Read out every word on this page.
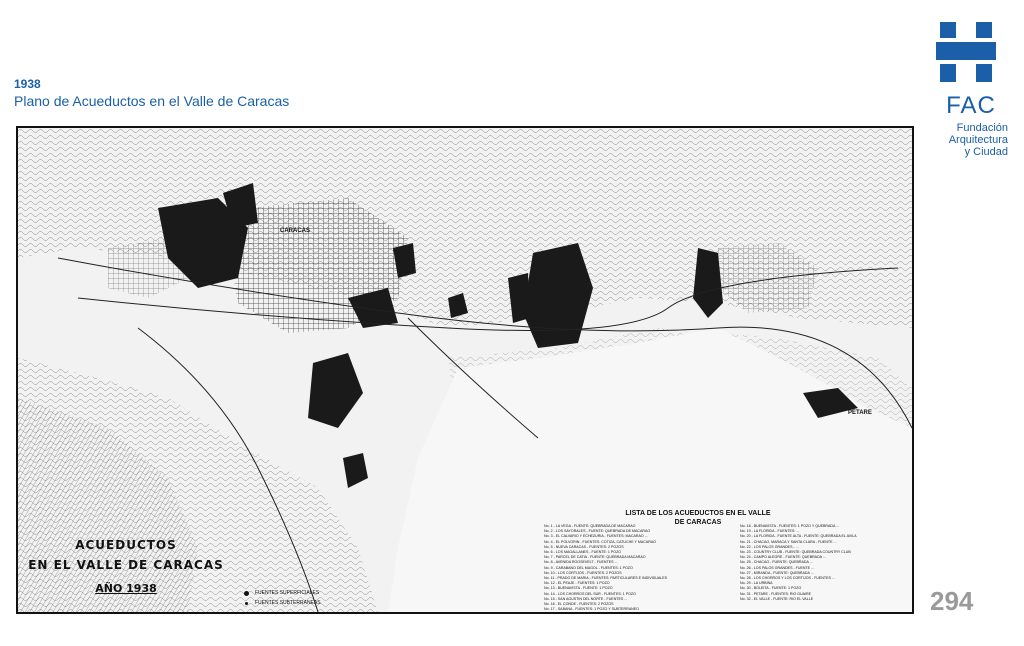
1938
Plano de Acueductos en el Valle de Caracas	FAC
Fundación
Arquitectura
y Ciudad
CARACAS
PETARE
ACUEDUCTOS
EN EL VALLE DE CARACAS
AÑO 1938	FUENTES SUPERFICIALES
FUENTES SUBTERRANEAS
LISTA DE LOS ACUEDUCTOS EN EL VALLE
DE CARACAS
No. 1 - LA VEGA - FUENTE: QUEBRADA DE MACARAO
No. 2 - LOS SAYORALES - FUENTE: QUEBRADA DE MACARAO
No. 3 - EL CALVARIO Y ECHEZURIA - FUENTES: MACARAO ...
No. 4 - EL POLVORIN - FUENTES: COTIZA, CATUCHE Y MACARAO
No. 5 - NUEVA CARACAS - FUENTES: 2 POZOS
No. 6 - LOS MAGALLANES - FUENTE: 1 POZO
No. 7 - PARCEL DE CATIA - FUENTE: QUEBRADA MACARAO
No. 8 - AVENIDA ROOSEVELT - FUENTES ...
No. 9 - CARABANO DEL MAGOL - FUENTES: 1 POZO
No. 10 - LOS CORTIJOS - FUENTES: 2 POZOS
No. 11 - PRADO DE MARIA - FUENTES: PARTICULARES E INDIVIDUALES
No. 12 - EL PEAJE - FUENTES: 1 POZO
No. 13 - BUENAVISTA - FUENTE: 1 POZO
No. 14 - LOS CHORROS DEL SUR - FUENTES: 1 POZO
No. 15 - SAN AGUSTIN DEL NORTE - FUENTES ...
No. 16 - EL CONDE - FUENTES: 2 POZOS
No. 17 - SABANA - FUENTES: 1 POZO Y SUBTERRANEO
No. 18 - BUENAVISTA - FUENTES: 1 POZO Y QUEBRADA ...
No. 19 - LA FLORIDA - FUENTES: ...
No. 20 - LA FLORIDA - FUENTE ALTA - FUENTE: QUEBRADA EL AVILA
No. 21 - CHACAO, MARACA Y SANTA CLARA - FUENTE ...
No. 22 - LOS PALOS GRANDES - ...
No. 23 - COUNTRY CLUB - FUENTE: QUEBRADA COUNTRY CLUB
No. 24 - CAMPO ALEGRE - FUENTE: QUEBRADA ...
No. 25 - CHACAO - FUENTE: QUEBRADA ...
No. 26 - LOS PALOS GRANDES - FUENTE ...
No. 27 - MIRANDA - FUENTE: QUEBRADA ...
No. 28 - LOS CHORROS Y LOS CORTIJOS - FUENTES ...
No. 29 - LA URBINA
No. 30 - BOLEITA - FUENTE: 1 POZO
No. 31 - PETARE - FUENTES: RIO GUAIRE
No. 32 - EL VALLE - FUENTE: RIO EL VALLE	294
